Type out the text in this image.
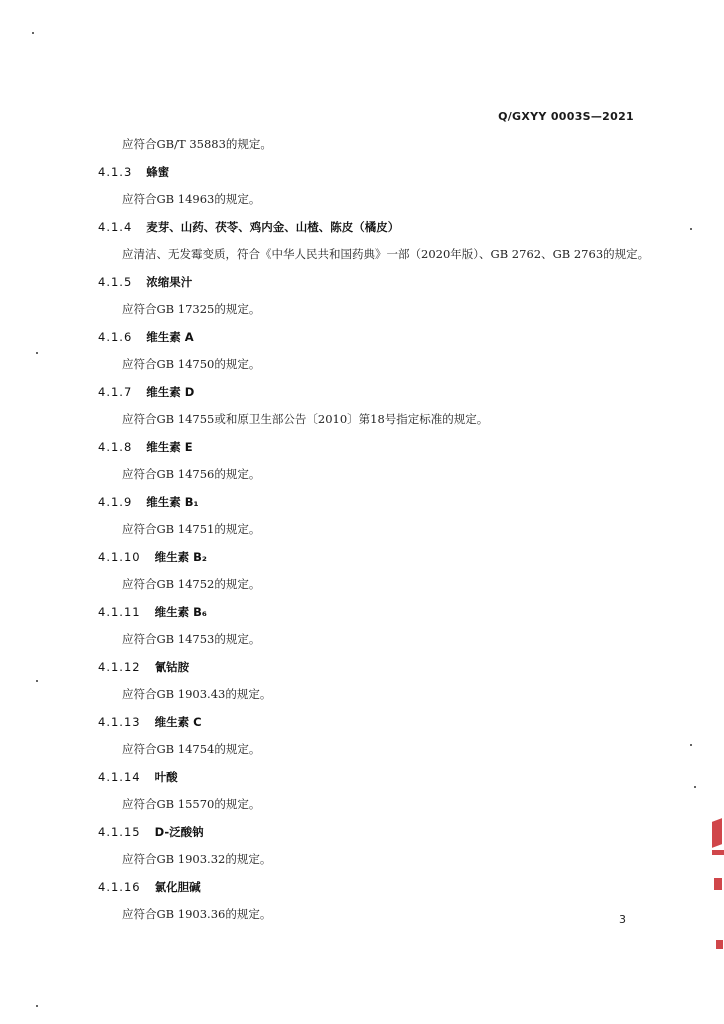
Q/GXYY 0003S—2021
应符合GB/T 35883的规定。
4.1.3 蜂蜜
应符合GB 14963的规定。
4.1.4 麦芽、山药、茯苓、鸡内金、山楂、陈皮（橘皮）
应清洁、无发霉变质，符合《中华人民共和国药典》一部（2020年版）、GB 2762、GB 2763的规定。
4.1.5 浓缩果汁
应符合GB 17325的规定。
4.1.6 维生素 A
应符合GB 14750的规定。
4.1.7 维生素 D
应符合GB 14755或和原卫生部公告〔2010〕第18号指定标准的规定。
4.1.8 维生素 E
应符合GB 14756的规定。
4.1.9 维生素 B₁
应符合GB 14751的规定。
4.1.10 维生素 B₂
应符合GB 14752的规定。
4.1.11 维生素 B₆
应符合GB 14753的规定。
4.1.12 氰钴胺
应符合GB 1903.43的规定。
4.1.13 维生素 C
应符合GB 14754的规定。
4.1.14 叶酸
应符合GB 15570的规定。
4.1.15 D-泛酸钠
应符合GB 1903.32的规定。
4.1.16 氯化胆碱
应符合GB 1903.36的规定。	3
